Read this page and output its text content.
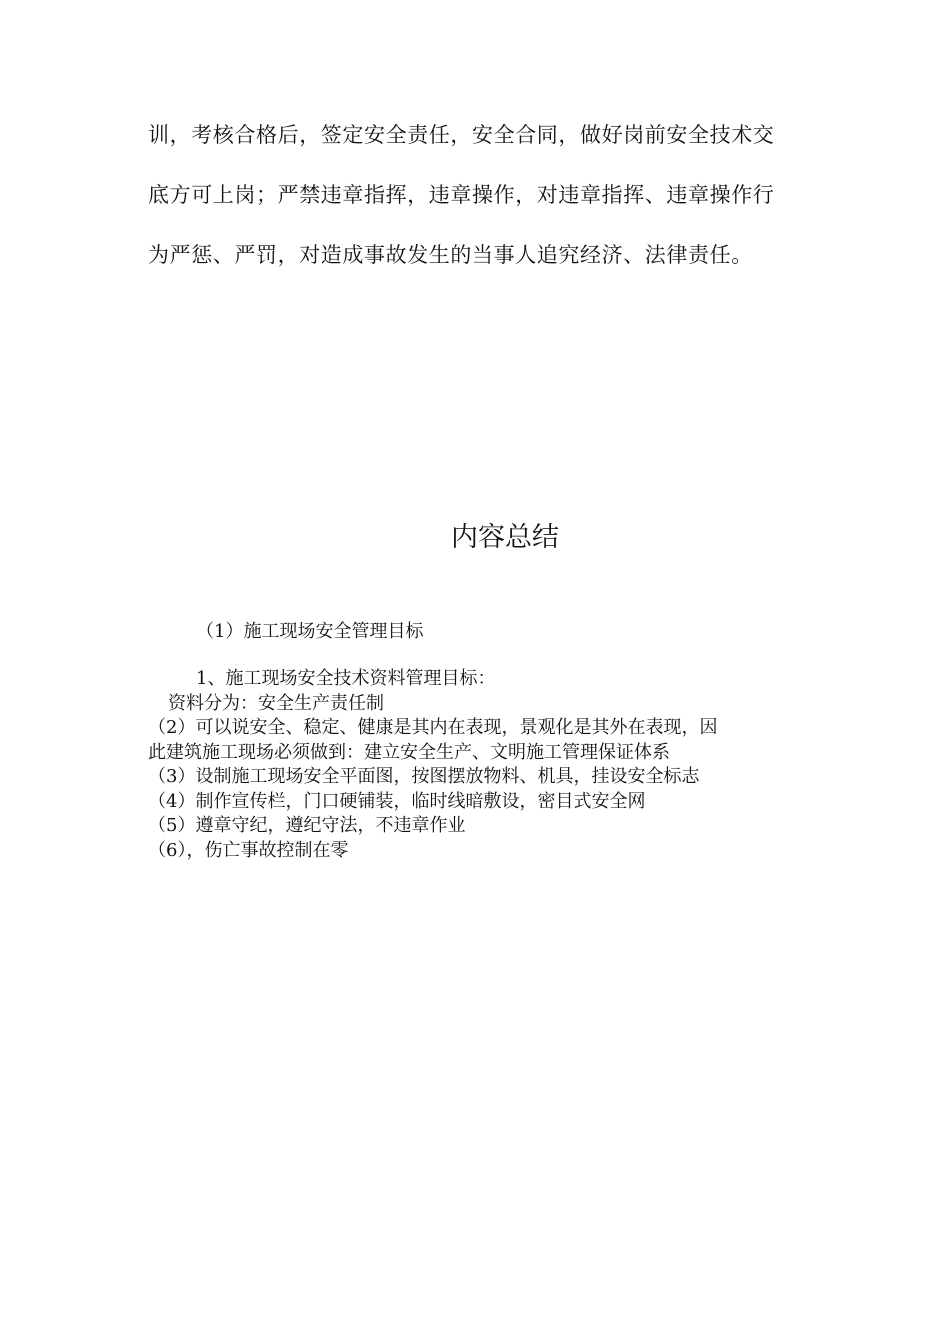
训，考核合格后，签定安全责任，安全合同，做好岗前安全技术交

底方可上岗；严禁违章指挥，违章操作，对违章指挥、违章操作行

为严惩、严罚，对造成事故发生的当事人追究经济、法律责任。

内容总结

（1）施工现场安全管理目标

1、施工现场安全技术资料管理目标：

资料分为：安全生产责任制

（2）可以说安全、稳定、健康是其内在表现，景观化是其外在表现，因

此建筑施工现场必须做到：建立安全生产、文明施工管理保证体系

（3）设制施工现场安全平面图，按图摆放物料、机具，挂设安全标志

（4）制作宣传栏，门口硬铺装，临时线暗敷设，密目式安全网

（5）遵章守纪，遵纪守法，不违章作业

（6），伤亡事故控制在零
